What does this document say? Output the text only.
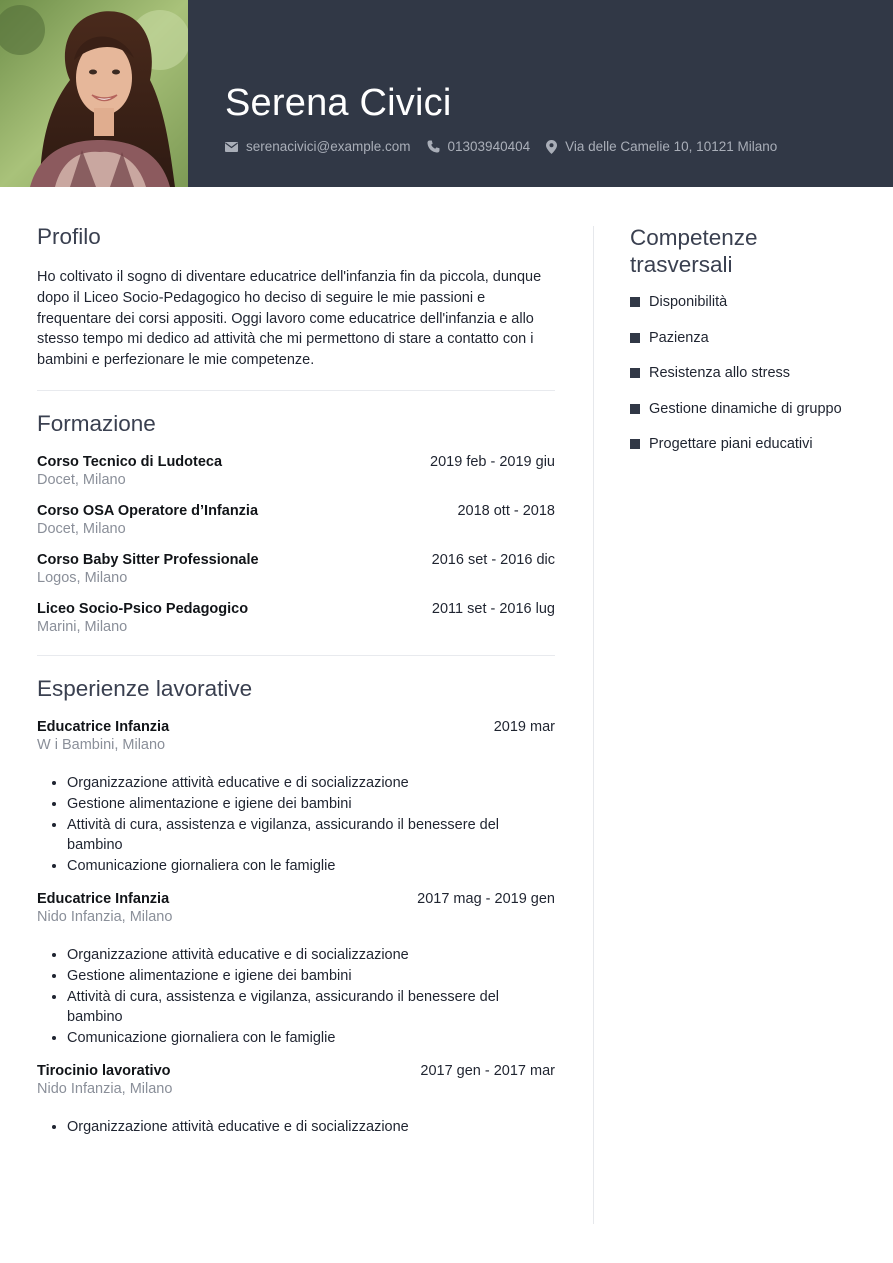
Serena Civici
serenacivici@example.com	01303940404	Via delle Camelie 10, 10121 Milano
Profilo

Ho coltivato il sogno di diventare educatrice dell'infanzia fin da piccola, dunque dopo il Liceo Socio-Pedagogico ho deciso di seguire le mie passioni e frequentare dei corsi appositi. Oggi lavoro come educatrice dell'infanzia e allo stesso tempo mi dedico ad attività che mi permettono di stare a contatto con i bambini e perfezionare le mie competenze.

Formazione
Corso Tecnico di Ludoteca	2019 feb - 2019 giu
Docet, Milano
Corso OSA Operatore d’Infanzia	2018 ott - 2018
Docet, Milano
Corso Baby Sitter Professionale	2016 set - 2016 dic
Logos, Milano
Liceo Socio-Psico Pedagogico	2011 set - 2016 lug
Marini, Milano
Esperienze lavorative
Educatrice Infanzia	2019 mar
W i Bambini, Milano
• Organizzazione attività educative e di socializzazione
• Gestione alimentazione e igiene dei bambini
• Attività di cura, assistenza e vigilanza, assicurando il benessere del bambino
• Comunicazione giornaliera con le famiglie
Educatrice Infanzia	2017 mag - 2019 gen
Nido Infanzia, Milano
• Organizzazione attività educative e di socializzazione
• Gestione alimentazione e igiene dei bambini
• Attività di cura, assistenza e vigilanza, assicurando il benessere del bambino
• Comunicazione giornaliera con le famiglie
Tirocinio lavorativo	2017 gen - 2017 mar
Nido Infanzia, Milano
• Organizzazione attività educative e di socializzazione
Competenze trasversali
Disponibilità
Pazienza
Resistenza allo stress
Gestione dinamiche di gruppo
Progettare piani educativi
